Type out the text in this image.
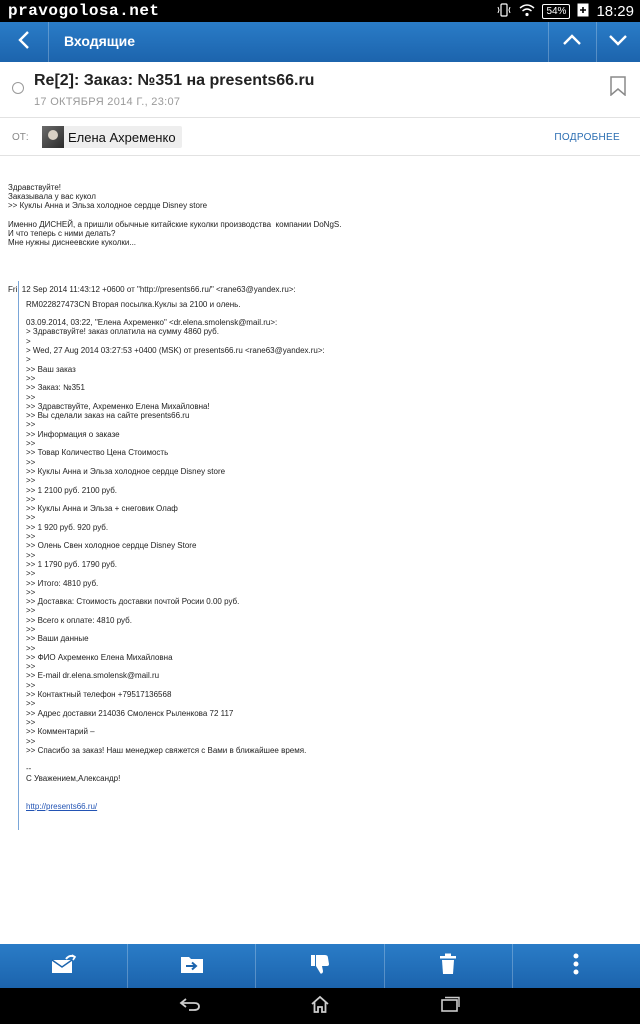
54% 18:29
pravogolosa.net
Входящие
Re[2]: Заказ: №351 на presents66.ru
17 ОКТЯБРЯ 2014 Г., 23:07
ОТ:	Елена Ахременко	ПОДРОБНЕЕ

Здравствуйте!
Заказывала у вас кукол
>> Куклы Анна и Эльза холодное сердце Disney store

Именно ДИСНЕЙ, а пришли обычные китайские куколки производства  компании DoNgS.
И что теперь с ними делать?
Мне нужны диснеевские куколки...

Fri, 12 Sep 2014 11:43:12 +0600 от "http://presents66.ru/" <rane63@yandex.ru>:

RM022827473CN Вторая посылка.Куклы за 2100 и олень.

03.09.2014, 03:22, "Елена Ахременко" <dr.elena.smolensk@mail.ru>:
> Здравствуйте! заказ оплатила на сумму 4860 руб.
>
> Wed, 27 Aug 2014 03:27:53 +0400 (MSK) от presents66.ru <rane63@yandex.ru>:
>
>> Ваш заказ
>>
>> Заказ: №351
>>
>> Здравствуйте, Ахременко Елена Михайловна!
>> Вы сделали заказ на сайте presents66.ru
>>
>> Информация о заказе
>>
>> Товар Количество Цена Стоимость
>>
>> Куклы Анна и Эльза холодное сердце Disney store
>>
>> 1 2100 руб. 2100 руб.
>>
>> Куклы Анна и Эльза + снеговик Олаф
>>
>> 1 920 руб. 920 руб.
>>
>> Олень Свен холодное сердце Disney Store
>>
>> 1 1790 руб. 1790 руб.
>>
>> Итого: 4810 руб.
>>
>> Доставка: Стоимость доставки почтой Росии 0.00 руб.
>>
>> Всего к оплате: 4810 руб.
>>
>> Ваши данные
>>
>> ФИО Ахременко Елена Михайловна
>>
>> E-mail dr.elena.smolensk@mail.ru
>>
>> Контактный телефон +79517136568
>>
>> Адрес доставки 214036 Смоленск Рыленкова 72 117
>>
>> Комментарий –
>>
>> Спасибо за заказ! Наш менеджер свяжется с Вами в ближайшее время.

--
С Уважением,Александр!

http://presents66.ru/
